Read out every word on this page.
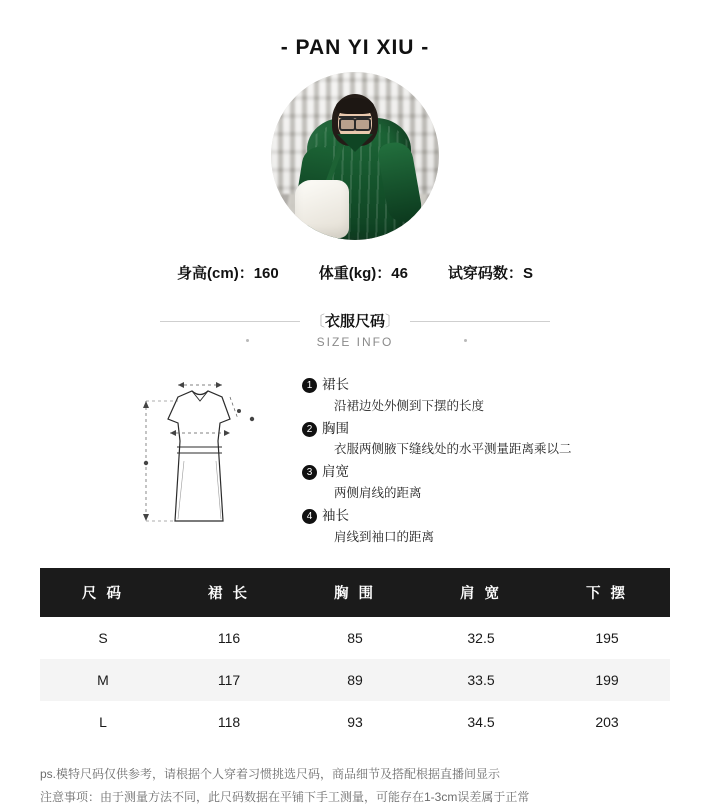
- PAN YI XIU -
身高(cm)：160	体重(kg)：46	试穿码数：S
〔衣服尺码〕
SIZE INFO
1 裙长
沿裙边处外侧到下摆的长度
2 胸围
衣服两侧腋下缝线处的水平测量距离乘以二
3 肩宽
两侧肩线的距离
4 袖长
肩线到袖口的距离
尺 码	裙 长	胸 围	肩 宽	下 摆
S	116	85	32.5	195
M	117	89	33.5	199
L	118	93	34.5	203
ps.模特尺码仅供参考，请根据个人穿着习惯挑选尺码，商品细节及搭配根据直播间显示
注意事项：由于测量方法不同，此尺码数据在平铺下手工测量，可能存在1-3cm误差属于正常
